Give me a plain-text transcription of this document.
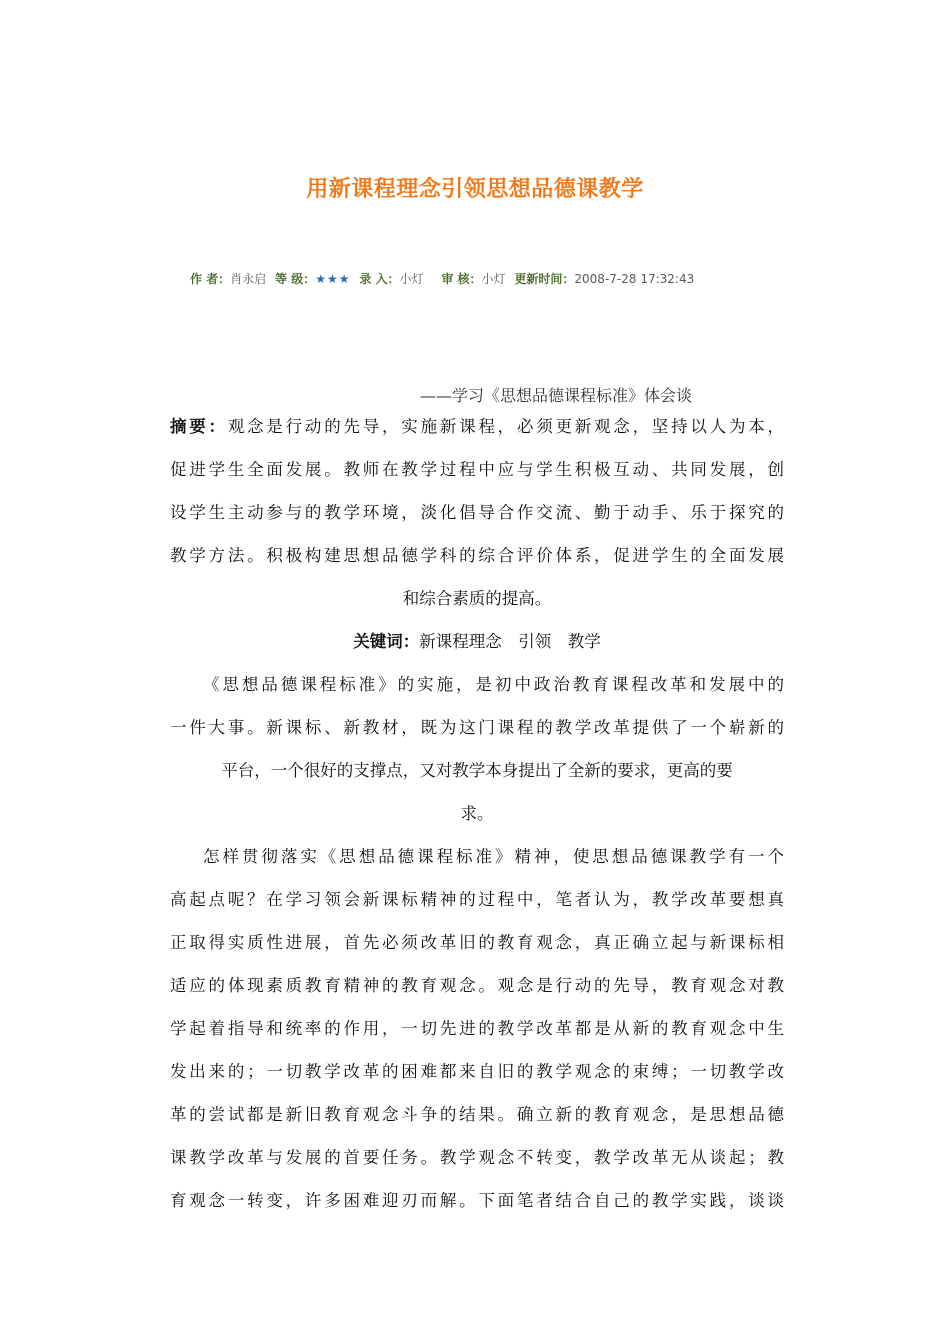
用新课程理念引领思想品德课教学
作 者：肖永启 等 级：★★★ 录 入：小灯 审 核：小灯 更新时间：2008-7-28 17:32:43
——学习《思想品德课程标准》体会谈

摘要：观念是行动的先导，实施新课程，必须更新观念，坚持以人为本，
促进学生全面发展。教师在教学过程中应与学生积极互动、共同发展，创
设学生主动参与的教学环境，淡化倡导合作交流、勤于动手、乐于探究的
教学方法。积极构建思想品德学科的综合评价体系，促进学生的全面发展
和综合素质的提高。

关键词：新课程理念　引领　教学

《思想品德课程标准》的实施，是初中政治教育课程改革和发展中的
一件大事。新课标、新教材，既为这门课程的教学改革提供了一个崭新的
平台，一个很好的支撑点，又对教学本身提出了全新的要求，更高的要
求。

怎样贯彻落实《思想品德课程标准》精神，使思想品德课教学有一个
高起点呢？在学习领会新课标精神的过程中，笔者认为，教学改革要想真
正取得实质性进展，首先必须改革旧的教育观念，真正确立起与新课标相
适应的体现素质教育精神的教育观念。观念是行动的先导，教育观念对教
学起着指导和统率的作用，一切先进的教学改革都是从新的教育观念中生
发出来的；一切教学改革的困难都来自旧的教学观念的束缚；一切教学改
革的尝试都是新旧教育观念斗争的结果。确立新的教育观念，是思想品德
课教学改革与发展的首要任务。教学观念不转变，教学改革无从谈起；教
育观念一转变，许多困难迎刃而解。下面笔者结合自己的教学实践，谈谈
